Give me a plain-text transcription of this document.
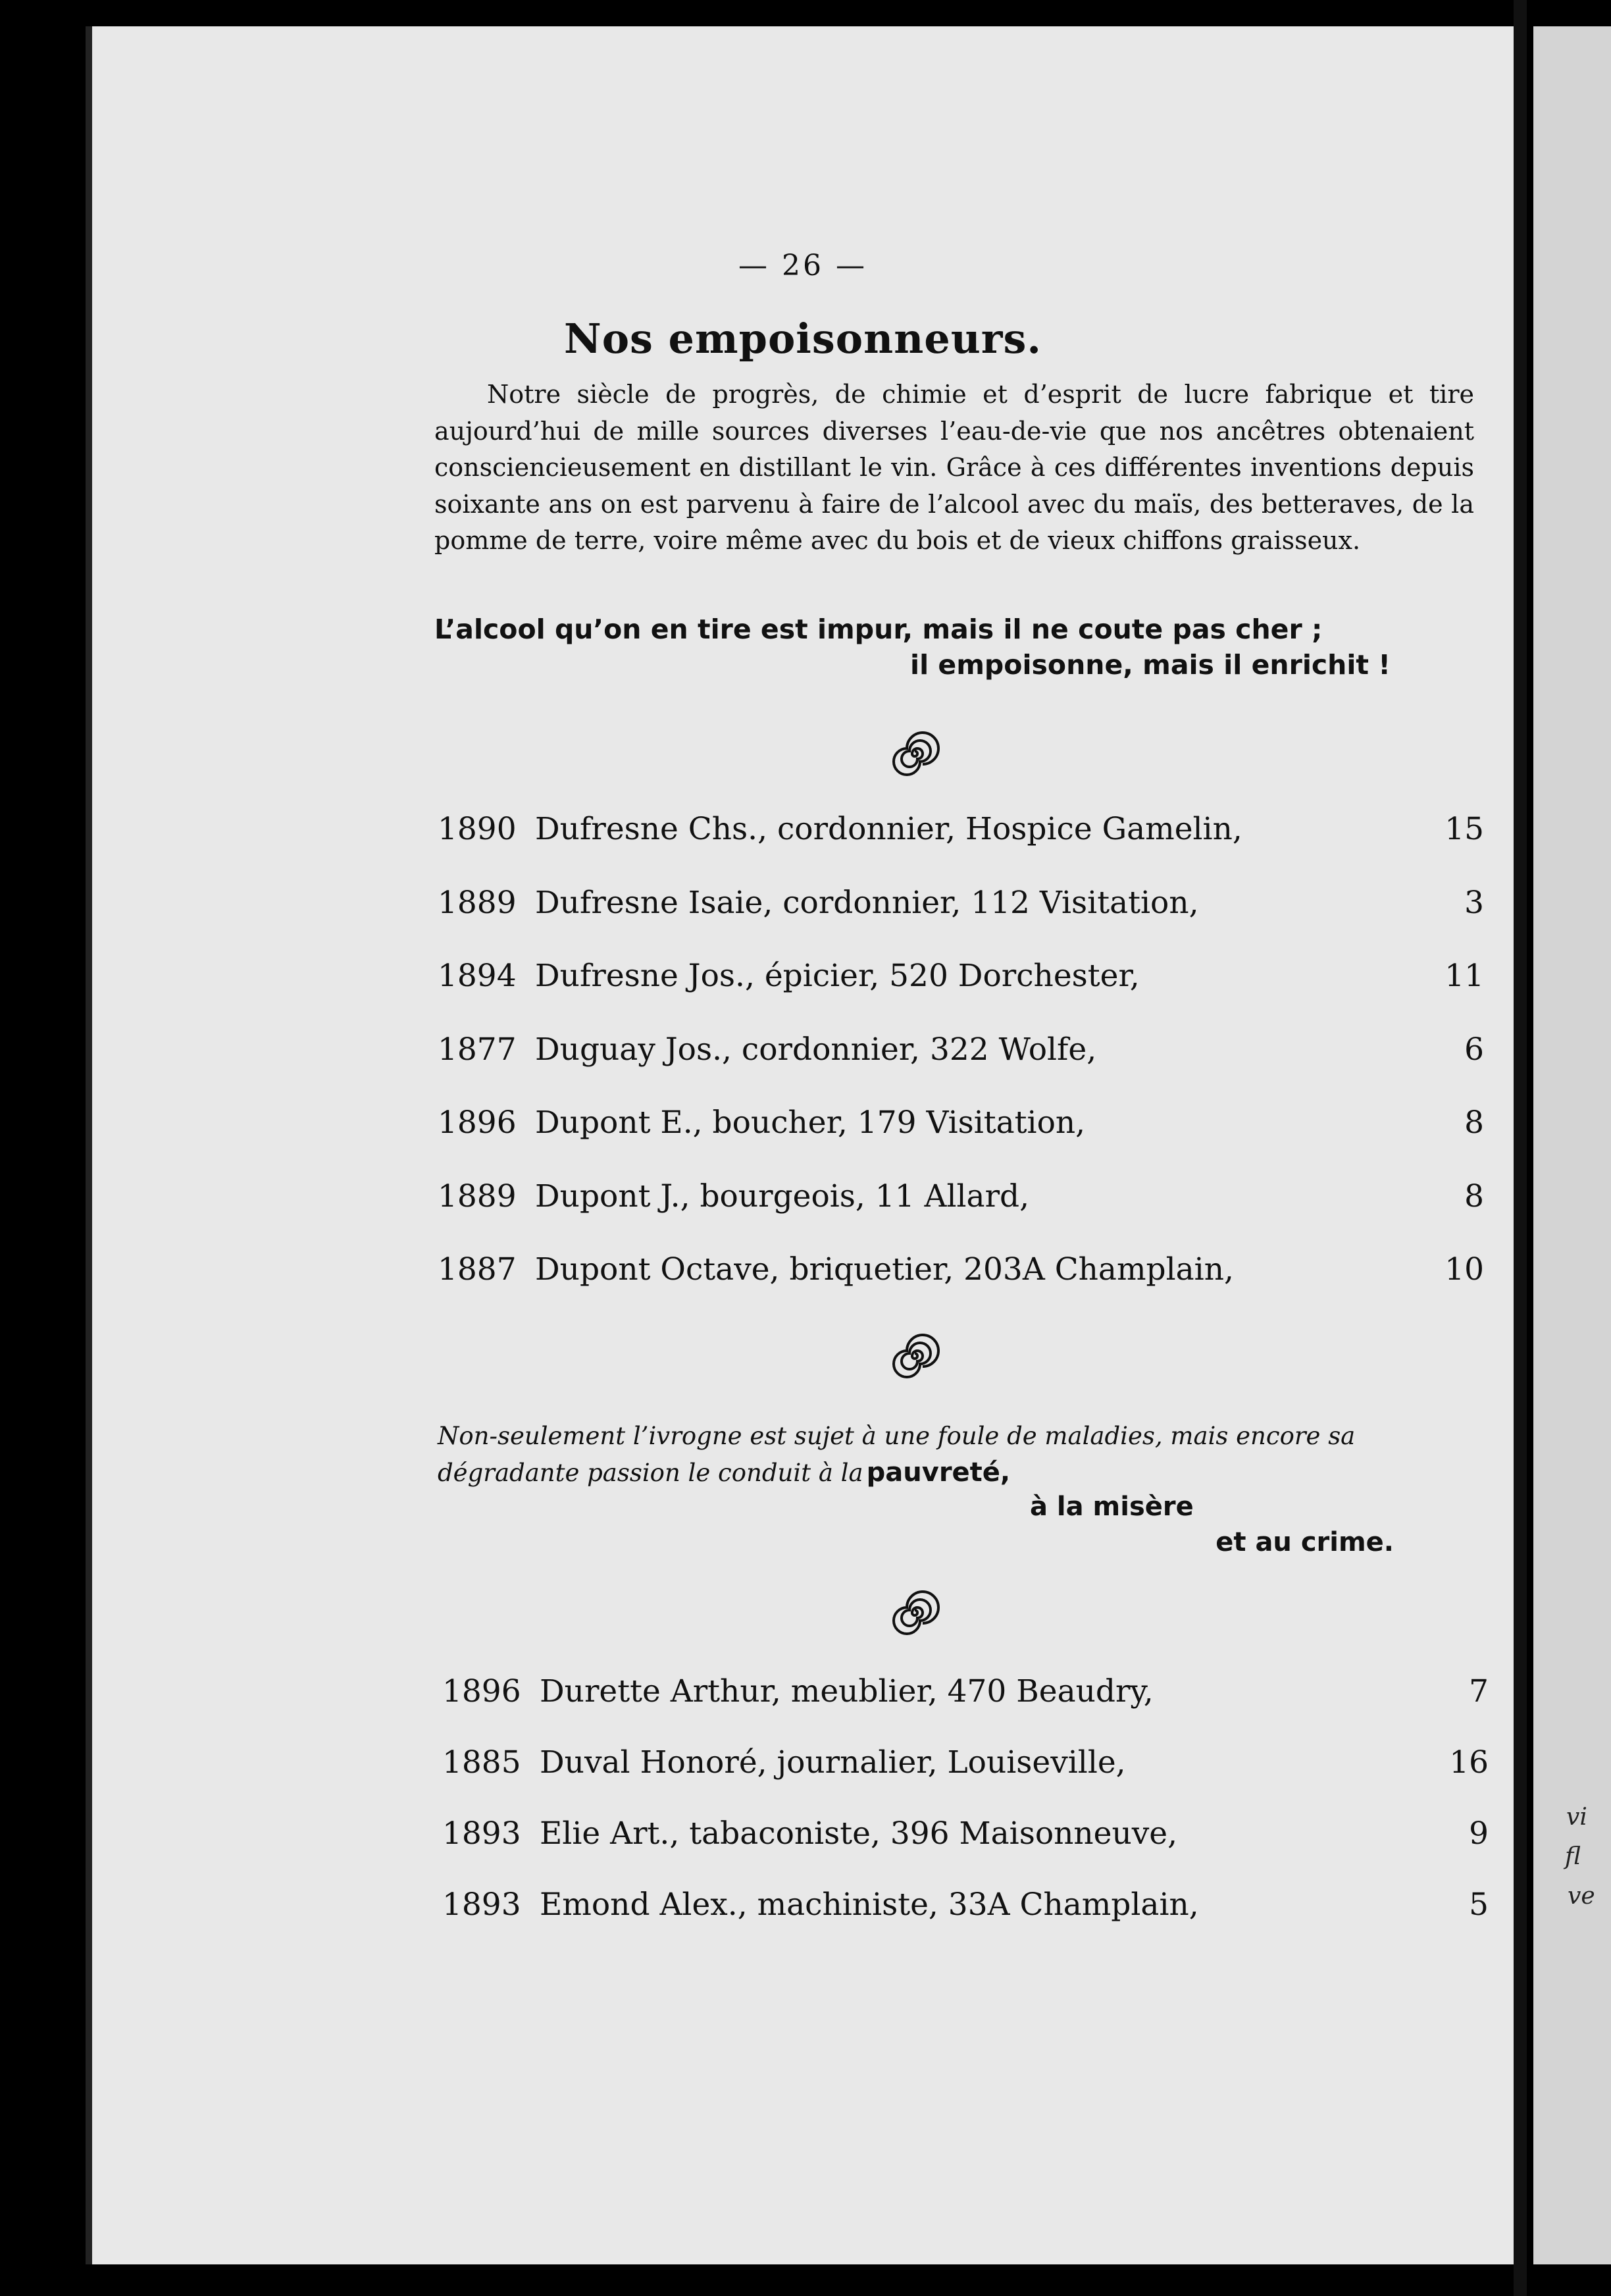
vi
fl
ve
— 26 —
Nos empoisonneurs.

Notre siècle de progrès, de chimie et d’esprit de lucre fabrique et tire aujourd’hui de mille sources diverses l’eau-de-vie que nos ancêtres obtenaient consciencieusement en distillant le vin. Grâce à ces différentes inventions depuis soixante ans on est parvenu à faire de l’alcool avec du maïs, des betteraves, de la pomme de terre, voire même avec du bois et de vieux chiffons graisseux.

L’alcool qu’on en tire est impur, mais il ne coute pas cher ;
il empoisonne, mais il enrichit !
1890 Dufresne Chs., cordonnier, Hospice Gamelin,	15
1889 Dufresne Isaie, cordonnier, 112 Visitation,	3
1894 Dufresne Jos., épicier, 520 Dorchester,	11
1877 Duguay Jos., cordonnier, 322 Wolfe,	6
1896 Dupont E., boucher, 179 Visitation,	8
1889 Dupont J., bourgeois, 11 Allard,	8
1887 Dupont Octave, briquetier, 203A Champlain,	10
Non-seulement l’ivrogne est sujet à une foule de maladies, mais encore sa
dégradante passion le conduit à la pauvreté,
à la misère
et au crime.
1896 Durette Arthur, meublier, 470 Beaudry,	7
1885 Duval Honoré, journalier, Louiseville,	16
1893 Elie Art., tabaconiste, 396 Maisonneuve,	9
1893 Emond Alex., machiniste, 33A Champlain,	5
